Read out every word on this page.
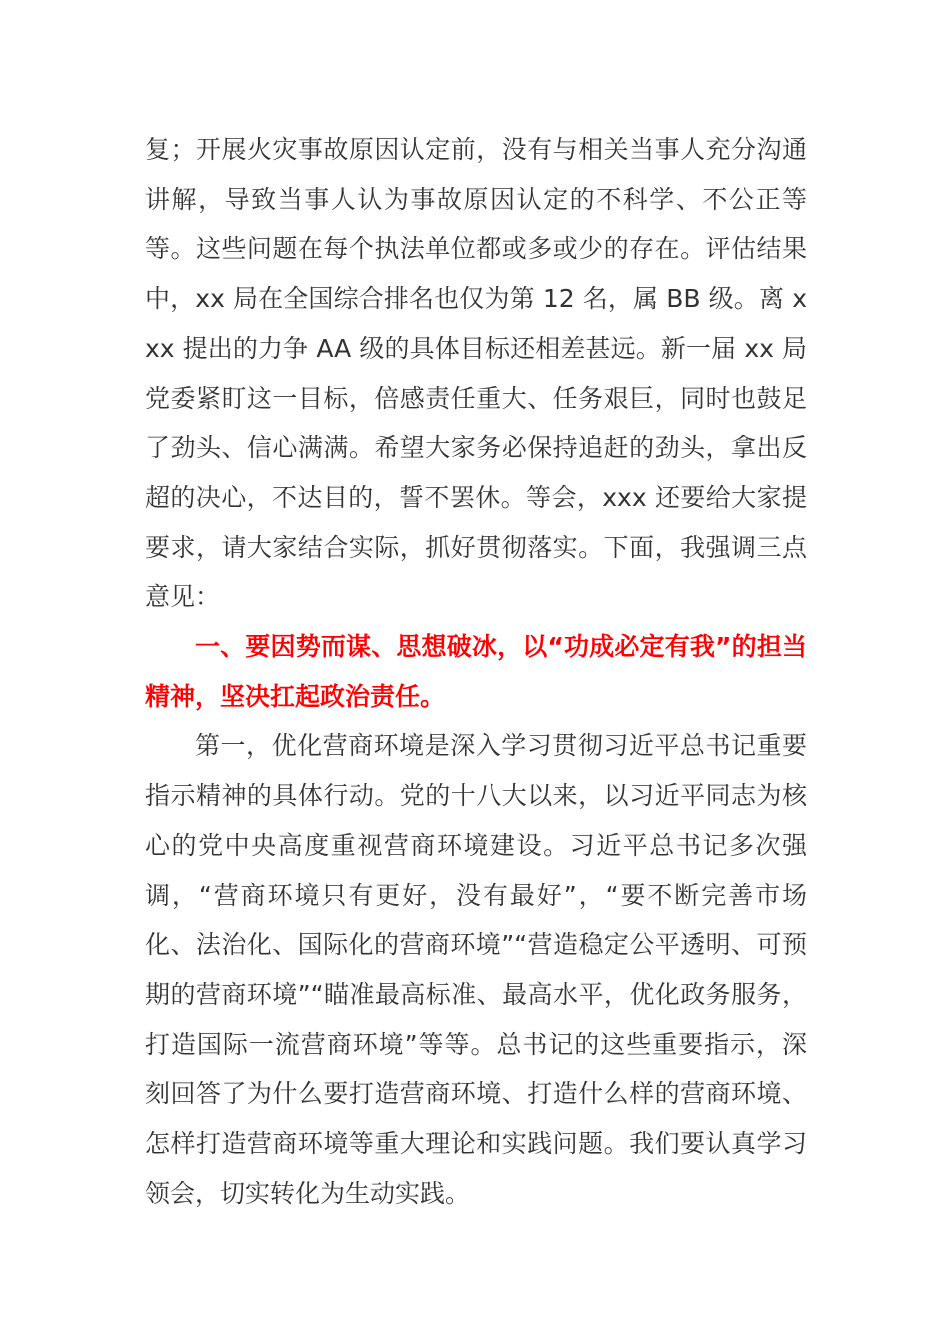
复；开展火灾事故原因认定前，没有与相关当事人充分沟通讲解，导致当事人认为事故原因认定的不科学、不公正等等。这些问题在每个执法单位都或多或少的存在。评估结果中，xx 局在全国综合排名也仅为第 12 名，属 BB 级。离 xxx 提出的力争 AA 级的具体目标还相差甚远。新一届 xx 局党委紧盯这一目标，倍感责任重大、任务艰巨，同时也鼓足了劲头、信心满满。希望大家务必保持追赶的劲头，拿出反超的决心，不达目的，誓不罢休。等会，xxx 还要给大家提要求，请大家结合实际，抓好贯彻落实。下面，我强调三点意见：

一、要因势而谋、思想破冰，以“功成必定有我”的担当精神，坚决扛起政治责任。

第一，优化营商环境是深入学习贯彻习近平总书记重要指示精神的具体行动。党的十八大以来，以习近平同志为核心的党中央高度重视营商环境建设。习近平总书记多次强调，“营商环境只有更好，没有最好”，“要不断完善市场化、法治化、国际化的营商环境”“营造稳定公平透明、可预期的营商环境”“瞄准最高标准、最高水平，优化政务服务，打造国际一流营商环境”等等。总书记的这些重要指示，深刻回答了为什么要打造营商环境、打造什么样的营商环境、怎样打造营商环境等重大理论和实践问题。我们要认真学习领会，切实转化为生动实践。
